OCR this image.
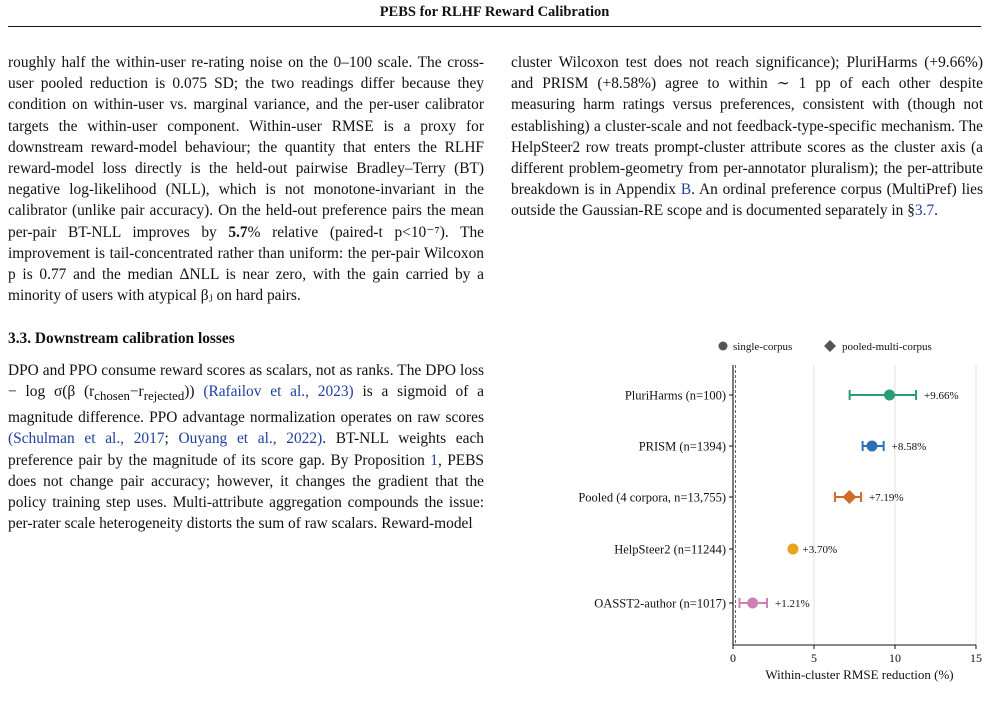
PEBS for RLHF Reward Calibration

roughly half the within-user re-rating noise on the 0–100 scale. The cross-user pooled reduction is 0.075 SD; the two readings differ because they condition on within-user vs. marginal variance, and the per-user calibrator targets the within-user component. Within-user RMSE is a proxy for downstream reward-model behaviour; the quantity that enters the RLHF reward-model loss directly is the held-out pairwise Bradley–Terry (BT) negative log-likelihood (NLL), which is not monotone-invariant in the calibrator (unlike pair accuracy). On the held-out preference pairs the mean per-pair BT-NLL improves by 5.7% relative (paired-t p<10⁻⁷). The improvement is tail-concentrated rather than uniform: the per-pair Wilcoxon p is 0.77 and the median ΔNLL is near zero, with the gain carried by a minority of users with atypical βⱼ on hard pairs.

3.3. Downstream calibration losses

DPO and PPO consume reward scores as scalars, not as ranks. The DPO loss − log σ(β $(r_{chosen}-r_{rejected})$) (Rafailov et al., 2023) is a sigmoid of a magnitude difference. PPO advantage normalization operates on raw scores (Schulman et al., 2017; Ouyang et al., 2022). BT-NLL weights each preference pair by the magnitude of its score gap. By Proposition 1, PEBS does not change pair accuracy; however, it changes the gradient that the policy training step uses. Multi-attribute aggregation compounds the issue: per-rater scale heterogeneity distorts the sum of raw scalars. Reward-model

cluster Wilcoxon test does not reach significance); PluriHarms (+9.66%) and PRISM (+8.58%) agree to within ∼ 1 pp of each other despite measuring harm ratings versus preferences, consistent with (though not establishing) a cluster-scale and not feedback-type-specific mechanism. The HelpSteer2 row treats prompt-cluster attribute scores as the cluster axis (a different problem-geometry from per-annotator pluralism); the per-attribute breakdown is in Appendix B. An ordinal preference corpus (MultiPref) lies outside the Gaussian-RE scope and is documented separately in §3.7.

single-corpus	pooled-multi-corpus
0	5	10	15
Within-cluster RMSE reduction (%)
PluriHarms (n=100)	+9.66%
PRISM (n=1394)	+8.58%
Pooled (4 corpora, n=13,755)	+7.19%
HelpSteer2 (n=11244)	+3.70%
OASST2-author (n=1017)	+1.21%
